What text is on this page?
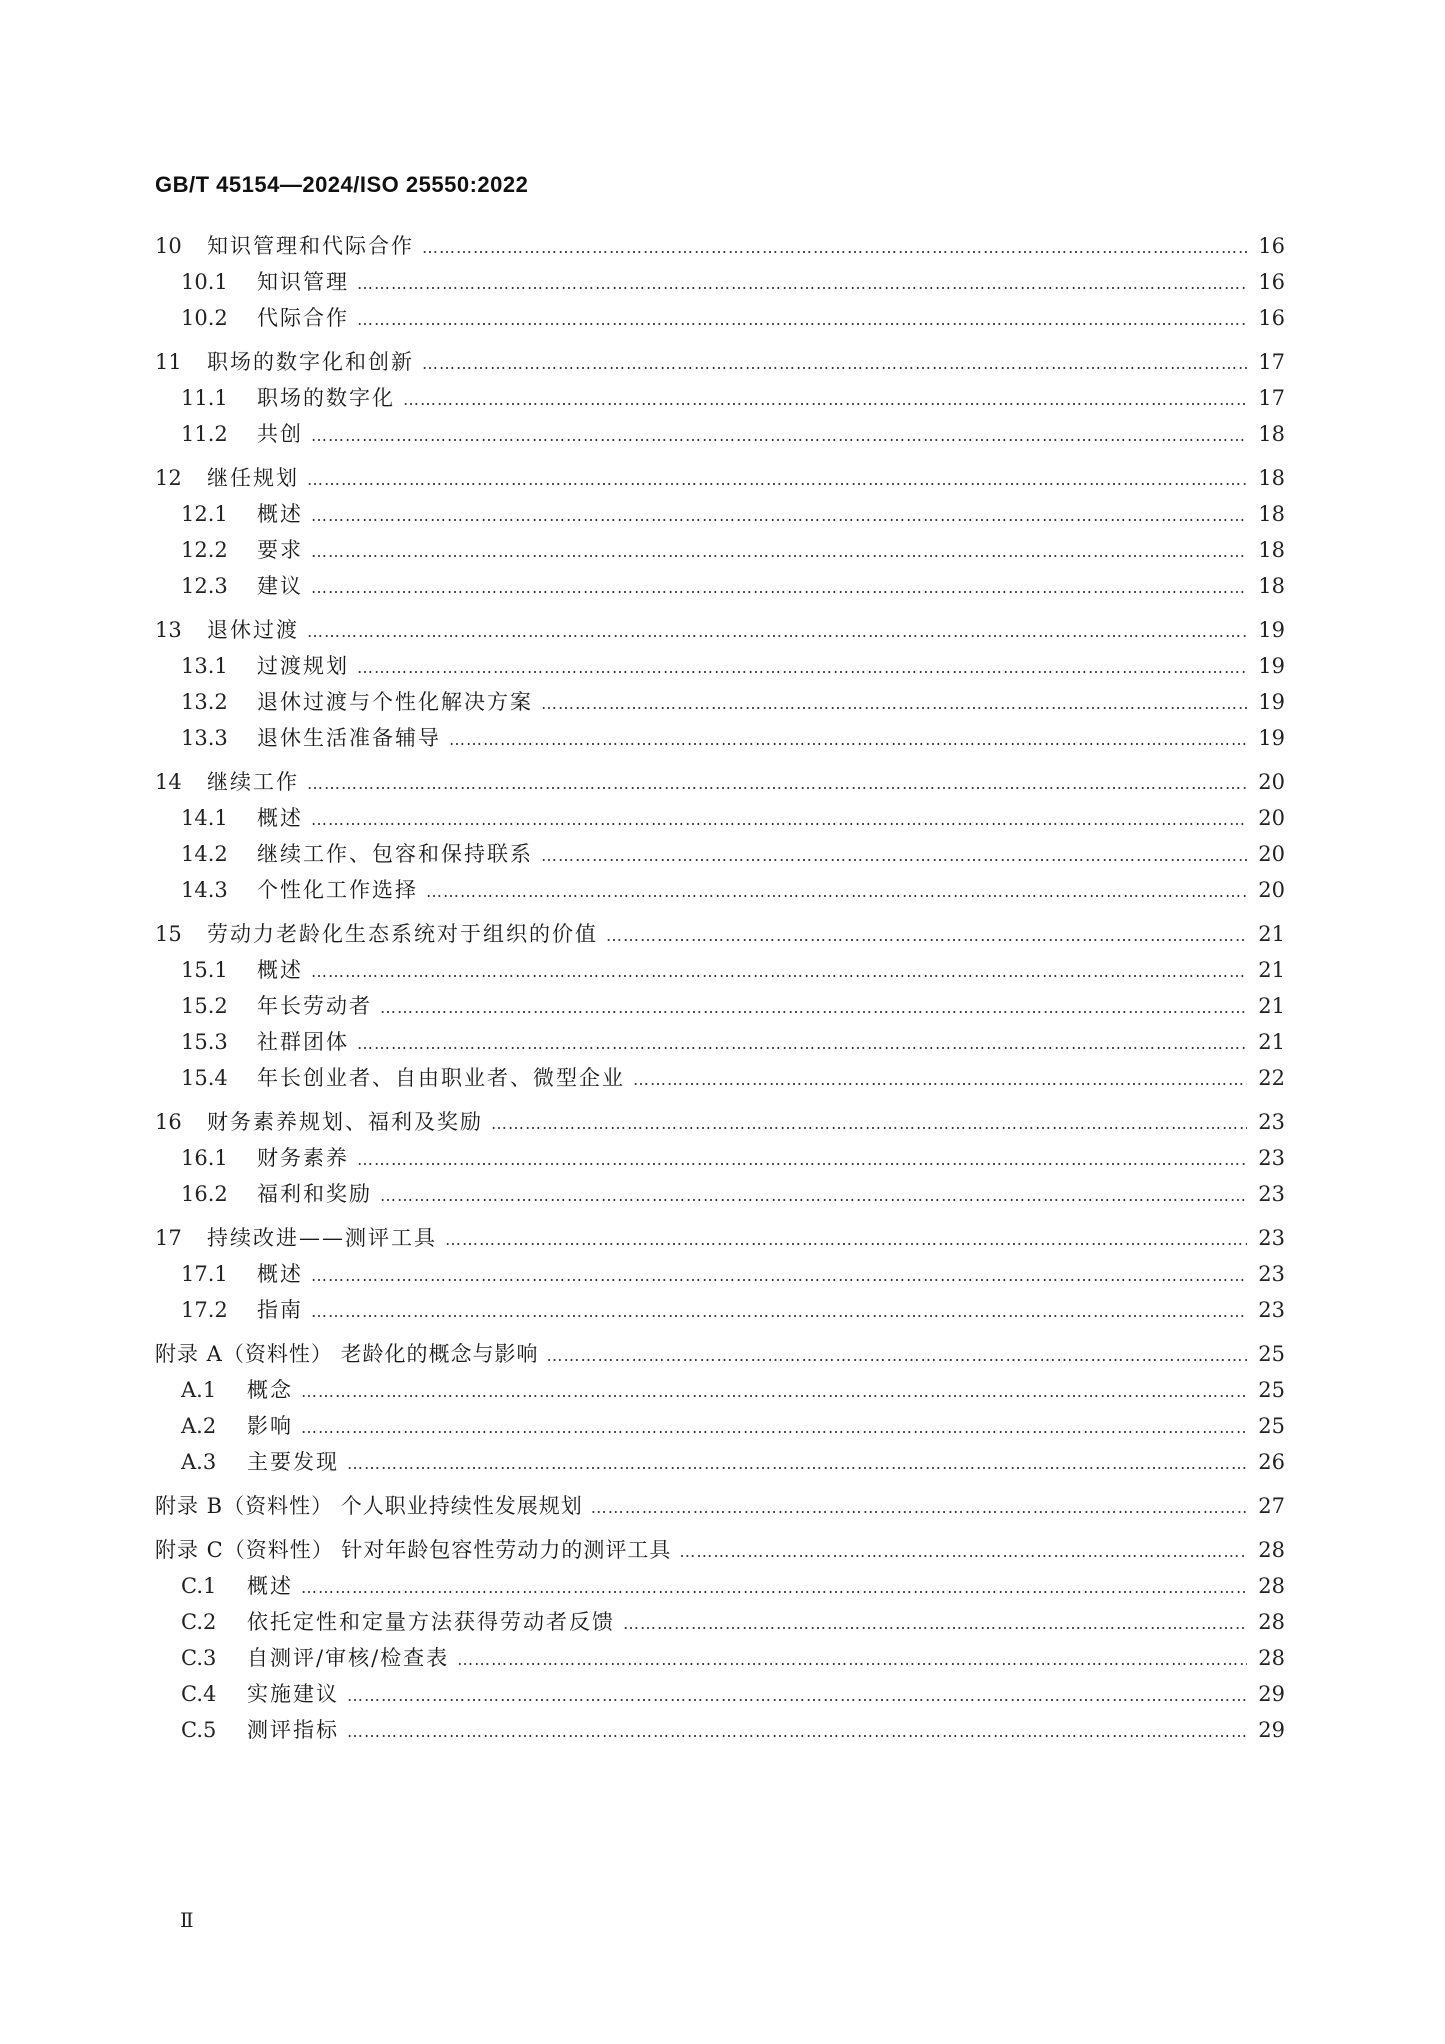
GB/T 45154—2024/ISO 25550:2022
10	知识管理和代际合作 …………………………………………………………………………………………………………………………………………………………………………………………………………………………………………………………………………	16
10.1	知识管理 …………………………………………………………………………………………………………………………………………………………………………………………………………………………………………………………………………	16
10.2	代际合作 …………………………………………………………………………………………………………………………………………………………………………………………………………………………………………………………………………	16
11	职场的数字化和创新 …………………………………………………………………………………………………………………………………………………………………………………………………………………………………………………………………………	17
11.1	职场的数字化 …………………………………………………………………………………………………………………………………………………………………………………………………………………………………………………………………………	17
11.2	共创 …………………………………………………………………………………………………………………………………………………………………………………………………………………………………………………………………………	18
12	继任规划 …………………………………………………………………………………………………………………………………………………………………………………………………………………………………………………………………………	18
12.1	概述 …………………………………………………………………………………………………………………………………………………………………………………………………………………………………………………………………………	18
12.2	要求 …………………………………………………………………………………………………………………………………………………………………………………………………………………………………………………………………………	18
12.3	建议 …………………………………………………………………………………………………………………………………………………………………………………………………………………………………………………………………………	18
13	退休过渡 …………………………………………………………………………………………………………………………………………………………………………………………………………………………………………………………………………	19
13.1	过渡规划 …………………………………………………………………………………………………………………………………………………………………………………………………………………………………………………………………………	19
13.2	退休过渡与个性化解决方案 …………………………………………………………………………………………………………………………………………………………………………………………………………………………………………………………………………	19
13.3	退休生活准备辅导 …………………………………………………………………………………………………………………………………………………………………………………………………………………………………………………………………………	19
14	继续工作 …………………………………………………………………………………………………………………………………………………………………………………………………………………………………………………………………………	20
14.1	概述 …………………………………………………………………………………………………………………………………………………………………………………………………………………………………………………………………………	20
14.2	继续工作、包容和保持联系 …………………………………………………………………………………………………………………………………………………………………………………………………………………………………………………………………………	20
14.3	个性化工作选择 …………………………………………………………………………………………………………………………………………………………………………………………………………………………………………………………………………	20
15	劳动力老龄化生态系统对于组织的价值 …………………………………………………………………………………………………………………………………………………………………………………………………………………………………………………………………………	21
15.1	概述 …………………………………………………………………………………………………………………………………………………………………………………………………………………………………………………………………………	21
15.2	年长劳动者 …………………………………………………………………………………………………………………………………………………………………………………………………………………………………………………………………………	21
15.3	社群团体 …………………………………………………………………………………………………………………………………………………………………………………………………………………………………………………………………………	21
15.4	年长创业者、自由职业者、微型企业 …………………………………………………………………………………………………………………………………………………………………………………………………………………………………………………………………………	22
16	财务素养规划、福利及奖励 …………………………………………………………………………………………………………………………………………………………………………………………………………………………………………………………………………	23
16.1	财务素养 …………………………………………………………………………………………………………………………………………………………………………………………………………………………………………………………………………	23
16.2	福利和奖励 …………………………………………………………………………………………………………………………………………………………………………………………………………………………………………………………………………	23
17	持续改进——测评工具 …………………………………………………………………………………………………………………………………………………………………………………………………………………………………………………………………………	23
17.1	概述 …………………………………………………………………………………………………………………………………………………………………………………………………………………………………………………………………………	23
17.2	指南 …………………………………………………………………………………………………………………………………………………………………………………………………………………………………………………………………………	23
附录 A（资料性） 老龄化的概念与影响 …………………………………………………………………………………………………………………………………………………………………………………………………………………………………………………………………………	25
A.1	概念 …………………………………………………………………………………………………………………………………………………………………………………………………………………………………………………………………………	25
A.2	影响 …………………………………………………………………………………………………………………………………………………………………………………………………………………………………………………………………………	25
A.3	主要发现 …………………………………………………………………………………………………………………………………………………………………………………………………………………………………………………………………………	26
附录 B（资料性） 个人职业持续性发展规划 …………………………………………………………………………………………………………………………………………………………………………………………………………………………………………………………………………	27
附录 C（资料性） 针对年龄包容性劳动力的测评工具 …………………………………………………………………………………………………………………………………………………………………………………………………………………………………………………………………………	28
C.1	概述 …………………………………………………………………………………………………………………………………………………………………………………………………………………………………………………………………………	28
C.2	依托定性和定量方法获得劳动者反馈 …………………………………………………………………………………………………………………………………………………………………………………………………………………………………………………………………………	28
C.3	自测评/审核/检查表 …………………………………………………………………………………………………………………………………………………………………………………………………………………………………………………………………………	28
C.4	实施建议 …………………………………………………………………………………………………………………………………………………………………………………………………………………………………………………………………………	29
C.5	测评指标 …………………………………………………………………………………………………………………………………………………………………………………………………………………………………………………………………………	29
Ⅱ
